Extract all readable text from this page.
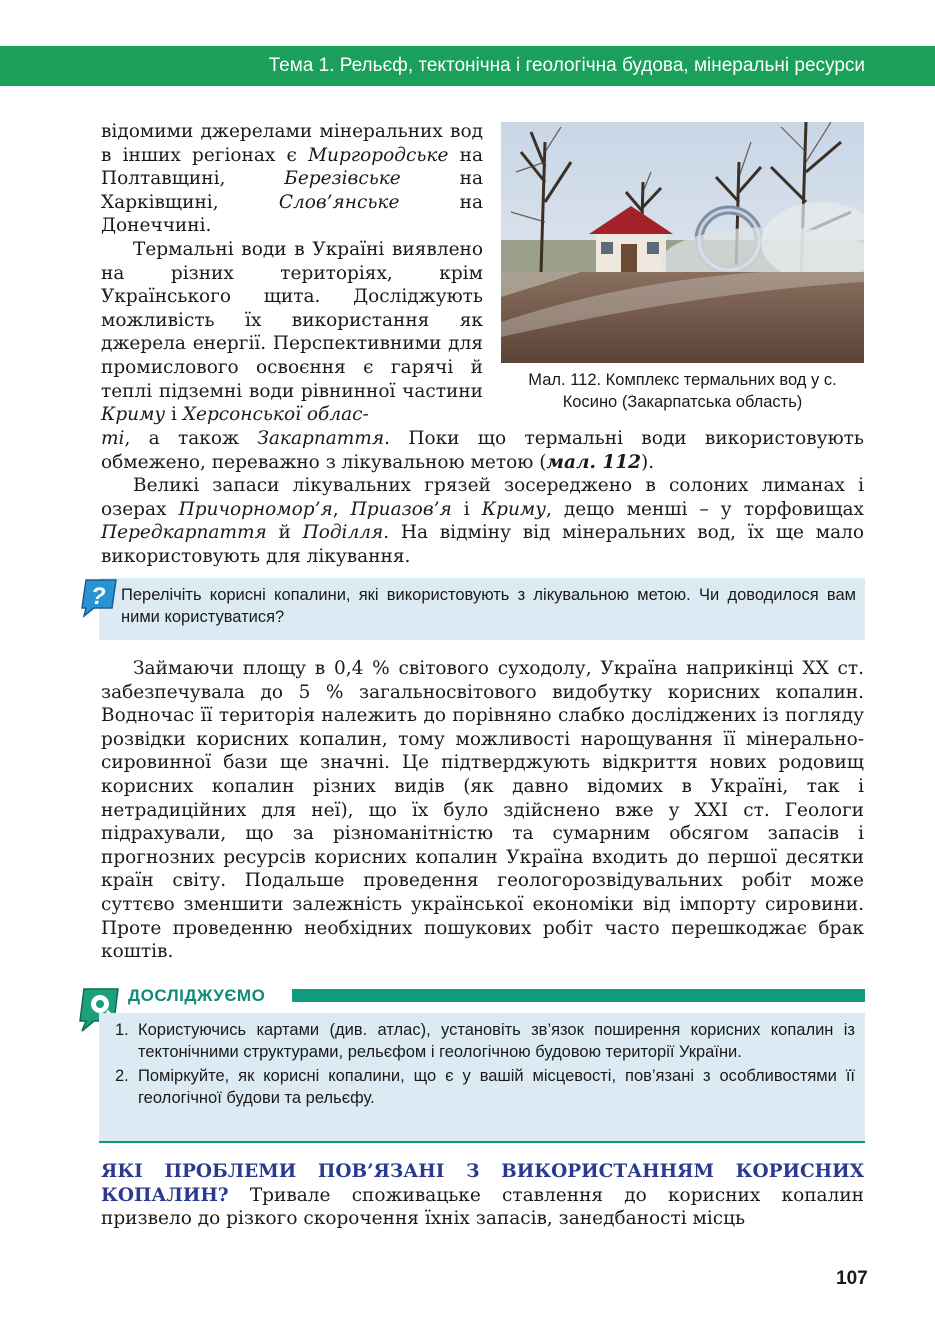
Тема 1. Рельєф, тектонічна і геологічна будова, мінеральні ресурси

відомими джерелами мінеральних вод в інших регіонах є Миргородське на Полтавщині, Березівське на Харківщині, Слов’янське на Донеччині.

Термальні води в Україні виявлено на різних територіях, крім Українського щита. Досліджують можливість їх використання як джерела енергії. Перспективними для промислового освоєння є гарячі й теплі підземні води рівнинної частини Криму і Херсонської облас-

Мал. 112. Комплекс термальних вод у с. Косино (Закарпатська область)

ті, а також Закарпаття. Поки що термальні води використовують обмежено, переважно з лікувальною метою (мал. 112).

Великі запаси лікувальних грязей зосереджено в солоних лиманах і озерах Причорномор’я, Приазов’я і Криму, дещо менші – у торфовищах Передкарпаття й Поділля. На відміну від мінеральних вод, їх ще мало використовують для лікування.

Перелічіть корисні копалини, які використовують з лікувальною метою. Чи доводилося вам ними користуватися?
?

Займаючи площу в 0,4 % світового суходолу, Україна наприкінці ХХ ст. забезпечувала до 5 % загальносвітового видобутку корисних копалин. Водночас її територія належить до порівняно слабко досліджених із погляду розвідки корисних копалин, тому можливості нарощування її мінерально-сировинної бази ще значні. Це підтверджують відкриття нових родовищ корисних копалин різних видів (як давно відомих в Україні, так і нетрадиційних для неї), що їх було здійснено вже у ХХІ ст. Геологи підрахували, що за різноманітністю та сумарним обсягом запасів і прогнозних ресурсів корисних копалин Україна входить до першої десятки країн світу. Подальше проведення геологорозвідувальних робіт може суттєво зменшити залежність української економіки від імпорту сировини. Проте проведенню необхідних пошукових робіт часто перешкоджає брак коштів.

ДОСЛІДЖУЄМО
1. Користуючись картами (див. атлас), установіть зв’язок поширення корисних копалин із тектонічними структурами, рельєфом і геологічною будовою території України.
2. Поміркуйте, як корисні копалини, що є у вашій місцевості, пов’язані з особливостями її геологічної будови та рельєфу.

ЯКІ ПРОБЛЕМИ ПОВ’ЯЗАНІ З ВИКОРИСТАННЯМ КОРИСНИХ КОПАЛИН? Тривале споживацьке ставлення до корисних копалин призвело до різкого скорочення їхніх запасів, занедбаності місць

107
